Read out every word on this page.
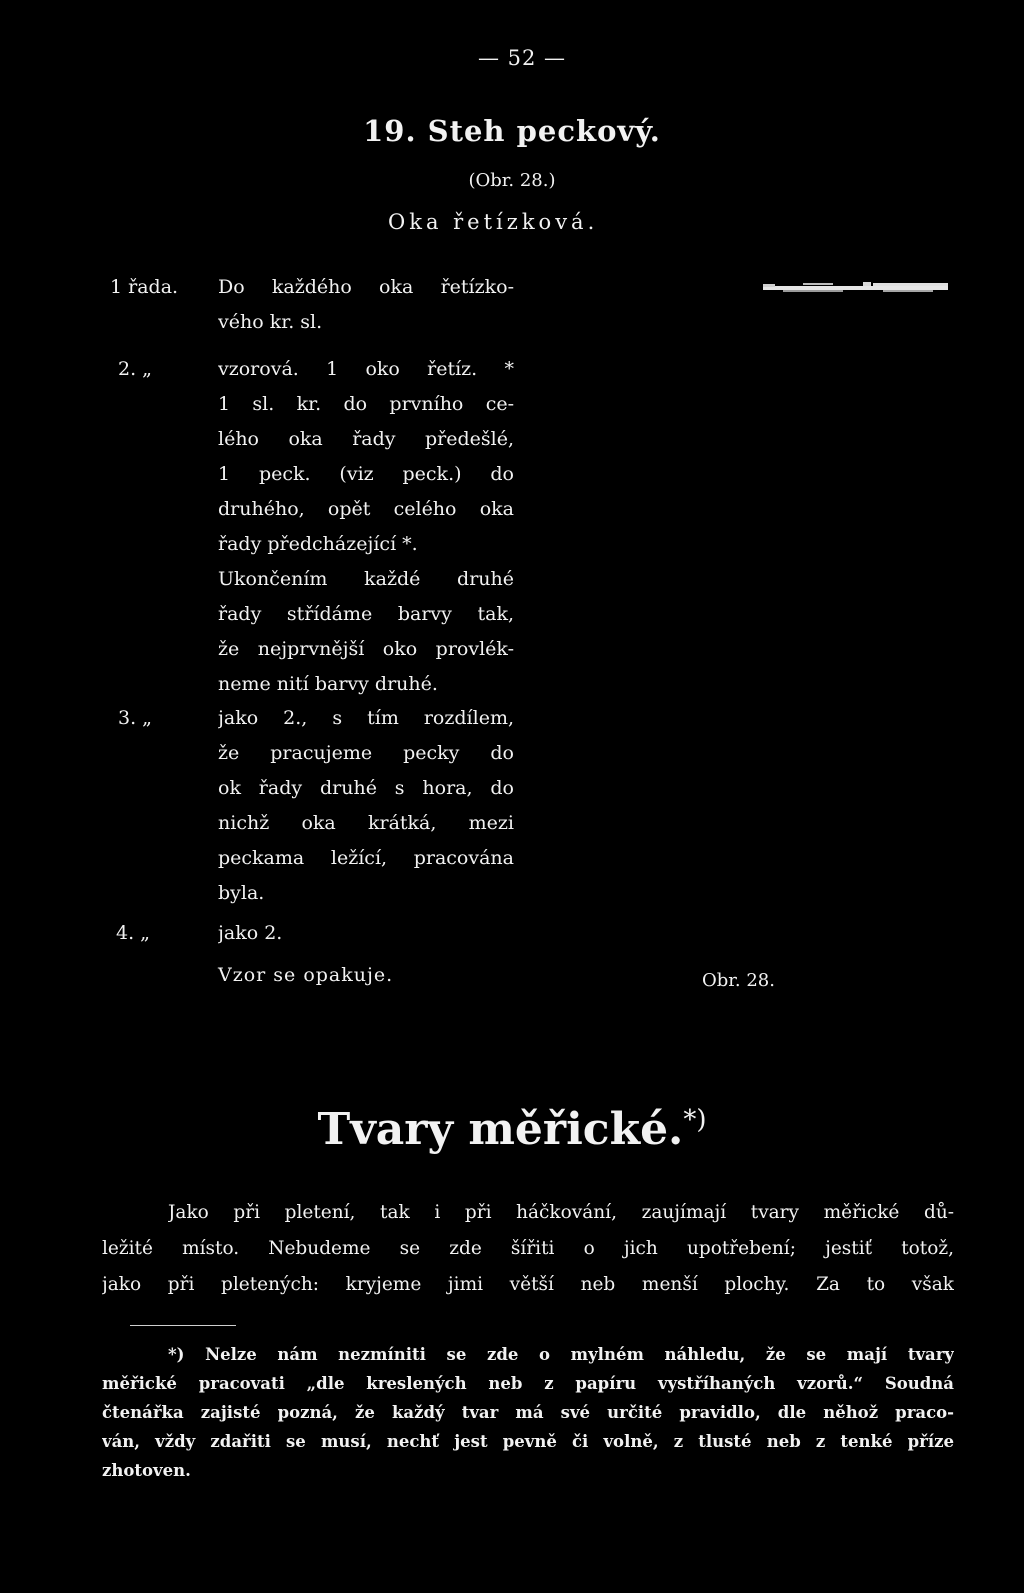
— 52 —
19. Steh peckový.
(Obr. 28.)
Oka řetízková.
1 řada. Do každého oka řetízko-
vého kr. sl.
2. „	vzorová. 1 oko řetíz. *
1 sl. kr. do prvního ce-
lého oka řady předešlé,
1 peck. (viz peck.) do
druhého, opět celého oka
řady předcházející *.
Ukončením každé druhé
řady střídáme barvy tak,
že nejprvnější oko provlék-
neme nití barvy druhé.
3. „	jako 2., s tím rozdílem,
že pracujeme pecky do
ok řady druhé s hora, do
nichž oka krátká, mezi
peckama ležící, pracována
byla.
4. „	jako 2.
Vzor se opakuje.	Obr. 28.
Tvary měřické.*)
Jako při pletení, tak i při háčkování, zaujímají tvary měřické dů-
ležité místo. Nebudeme se zde šířiti o jich upotřebení; jestiť totož,
jako při pletených: kryjeme jimi větší neb menší plochy. Za to však
*) Nelze nám nezmíniti se zde o mylném náhledu, že se mají tvary
měřické pracovati „dle kreslených neb z papíru vystříhaných vzorů.“ Soudná
čtenářka zajisté pozná, že každý tvar má své určité pravidlo, dle něhož praco-
ván, vždy zdařiti se musí, nechť jest pevně či volně, z tlusté neb z tenké příze
zhotoven.
